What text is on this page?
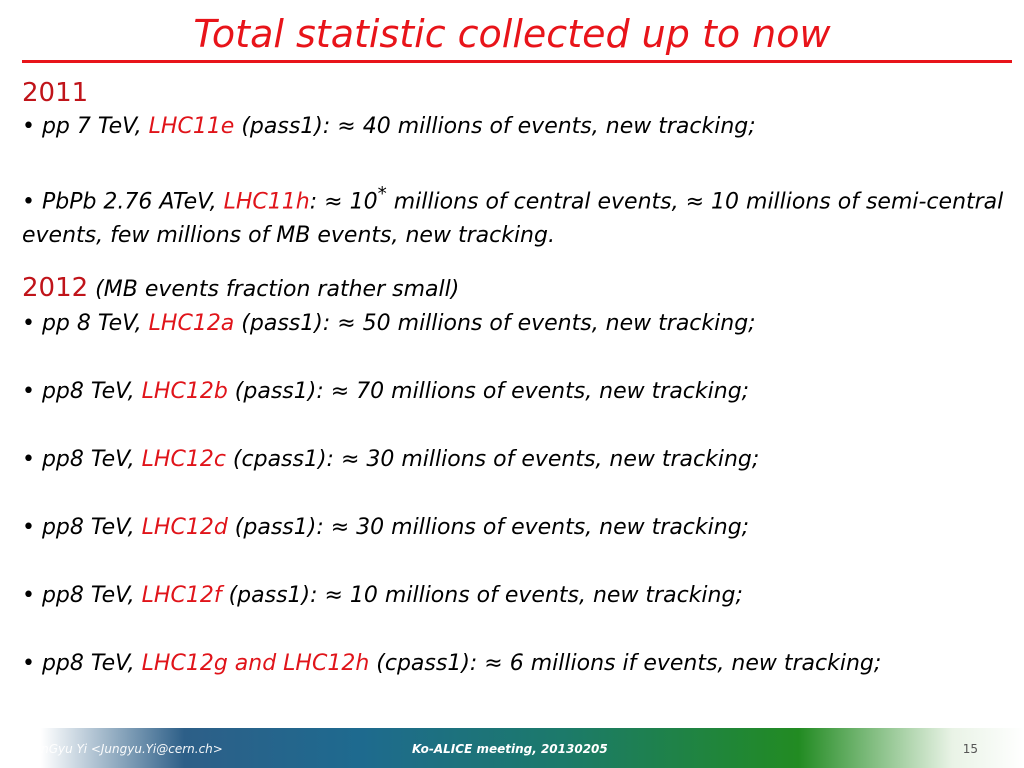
Total statistic collected up to now
2011
• pp 7 TeV, LHC11e (pass1): ≈ 40 millions of events, new tracking;
• PbPb 2.76 ATeV, LHC11h: ≈ 10* millions of central events, ≈ 10 millions of semi-central events, few millions of MB events, new tracking.
2012 (MB events fraction rather small)
• pp 8 TeV, LHC12a (pass1): ≈ 50 millions of events, new tracking;
• pp8 TeV, LHC12b (pass1): ≈ 70 millions of events, new tracking;
• pp8 TeV, LHC12c (cpass1): ≈ 30 millions of events, new tracking;
• pp8 TeV, LHC12d (pass1): ≈ 30 millions of events, new tracking;
• pp8 TeV, LHC12f (pass1): ≈ 10 millions of events, new tracking;
• pp8 TeV, LHC12g and LHC12h (cpass1): ≈ 6 millions if events, new tracking;
JunGyu Yi <Jungyu.Yi@cern.ch>	Ko-ALICE meeting, 20130205	15
